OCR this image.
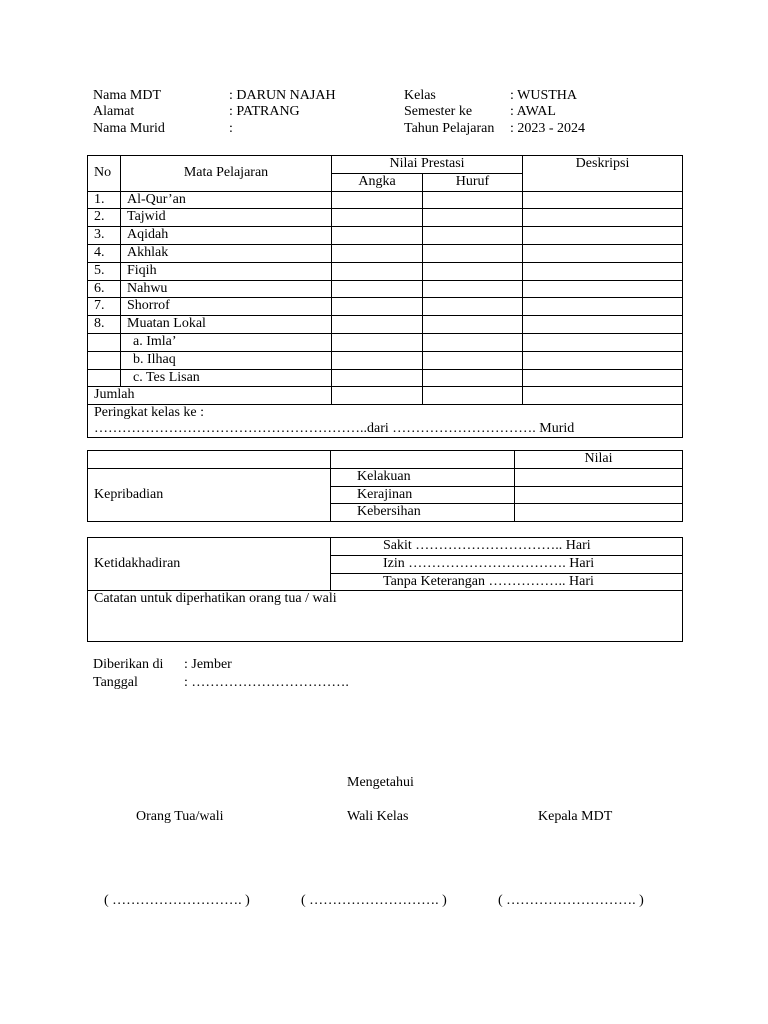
Nama MDT	: DARUN NAJAH
Alamat	: PATRANG
Nama Murid	:
Kelas	: WUSTHA
Semester ke	: AWAL
Tahun Pelajaran : 2023 - 2024
No	Mata Pelajaran	Nilai Prestasi		Deskripsi
		Angka	Huruf	
1.	Al-Qur’an			
2.	Tajwid			
3.	Aqidah			
4.	Akhlak			
5.	Fiqih			
6.	Nahwu			
7.	Shorrof			
8.	Muatan Lokal			
	a. Imla’			
	b. Ilhaq			
	c. Tes Lisan			
Jumlah				

Peringkat kelas ke :
…………………………………………………..dari …………………………. Murid				
		Nilai
Kepribadian	Kelakuan	
	Kerajinan	
	Kebersihan	
Ketidakhadiran	Sakit ………………………….. Hari
Izin ……………………………. Hari
Tanpa Keterangan …………….. Hari
Catatan untuk diperhatikan orang tua / wali
Diberikan di : Jember
Tanggal	: …………………………….
Mengetahui
Orang Tua/wali	Wali Kelas	Kepala MDT
( ………………………. )	( ………………………. )	( ………………………. )
